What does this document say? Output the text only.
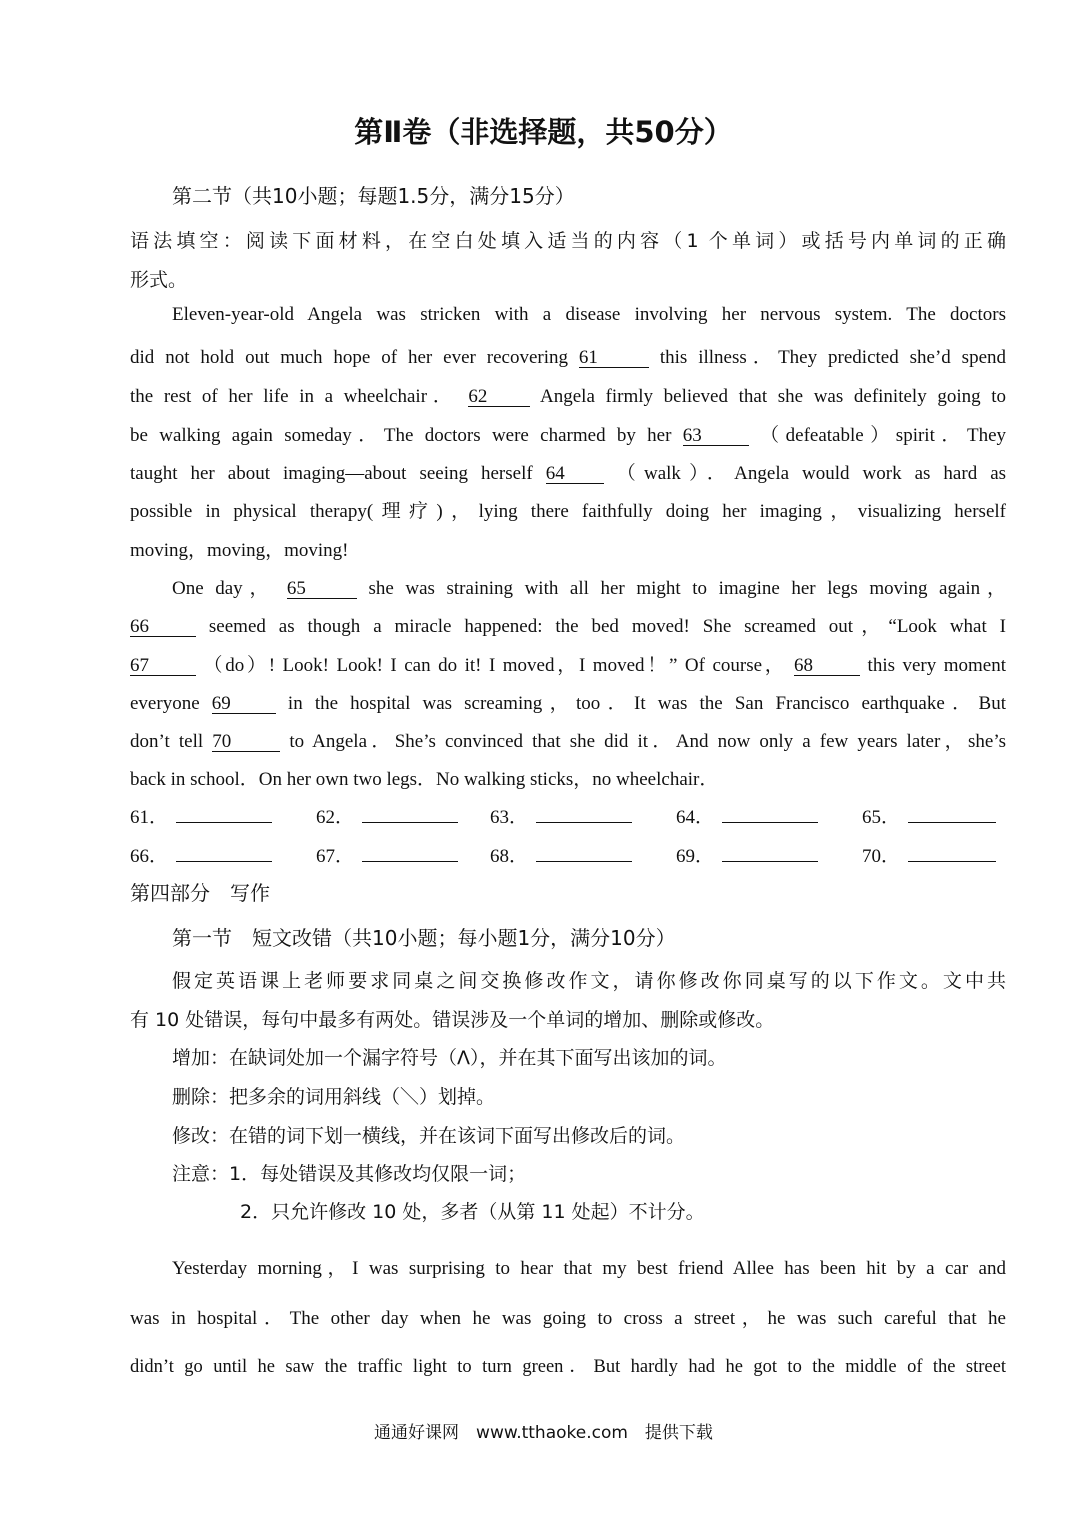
第Ⅱ卷（非选择题，共50分）
第二节（共10小题；每题1.5分，满分15分）
语法填空：阅读下面材料，在空白处填入适当的内容（1 个单词）或括号内单词的正确
形式。
Eleven-year-old Angela was stricken with a disease involving her nervous system. The doctors
did not hold out much hope of her ever recovering 61	this illness．They predicted she’d spend
the rest of her life in a wheelchair． 62	Angela firmly believed that she was definitely going to
be walking again someday．The doctors were charmed by her 63	（defeatable）spirit．They
taught her about imaging—about seeing herself 64	（walk）．Angela would work as hard as
possible in physical therapy(理疗)，lying there faithfully doing her imaging，visualizing herself
moving，moving，moving!
One day， 65	she was straining with all her might to imagine her legs moving again，
66	seemed as though a miracle happened: the bed moved! She screamed out，“Look what I
67	（do）! Look! Look! I can do it! I moved，I moved！” Of course， 68	this very moment
everyone 69	in the hospital was screaming，too．It was the San Francisco earthquake．But
don’t tell 70	to Angela．She’s convinced that she did it．And now only a few years later，she’s
back in school．On her own two legs．No walking sticks，no wheelchair．
61．	62．	63．	64．	65．
66．	67．	68．	69．	70．
第四部分　写作
第一节　短文改错（共10小题；每小题1分，满分10分）
假定英语课上老师要求同桌之间交换修改作文，请你修改你同桌写的以下作文。文中共
有 10 处错误，每句中最多有两处。错误涉及一个单词的增加、删除或修改。
增加：在缺词处加一个漏字符号（Λ），并在其下面写出该加的词。
删除：把多余的词用斜线（＼）划掉。
修改：在错的词下划一横线，并在该词下面写出修改后的词。
注意：1．每处错误及其修改均仅限一词；
2．只允许修改 10 处，多者（从第 11 处起）不计分。
Yesterday morning，I was surprising to hear that my best friend Allee has been hit by a car and
was in hospital．The other day when he was going to cross a street，he was such careful that he
didn’t go until he saw the traffic light to turn green．But hardly had he got to the middle of the street
通通好课网　www.tthaoke.com　提供下载
